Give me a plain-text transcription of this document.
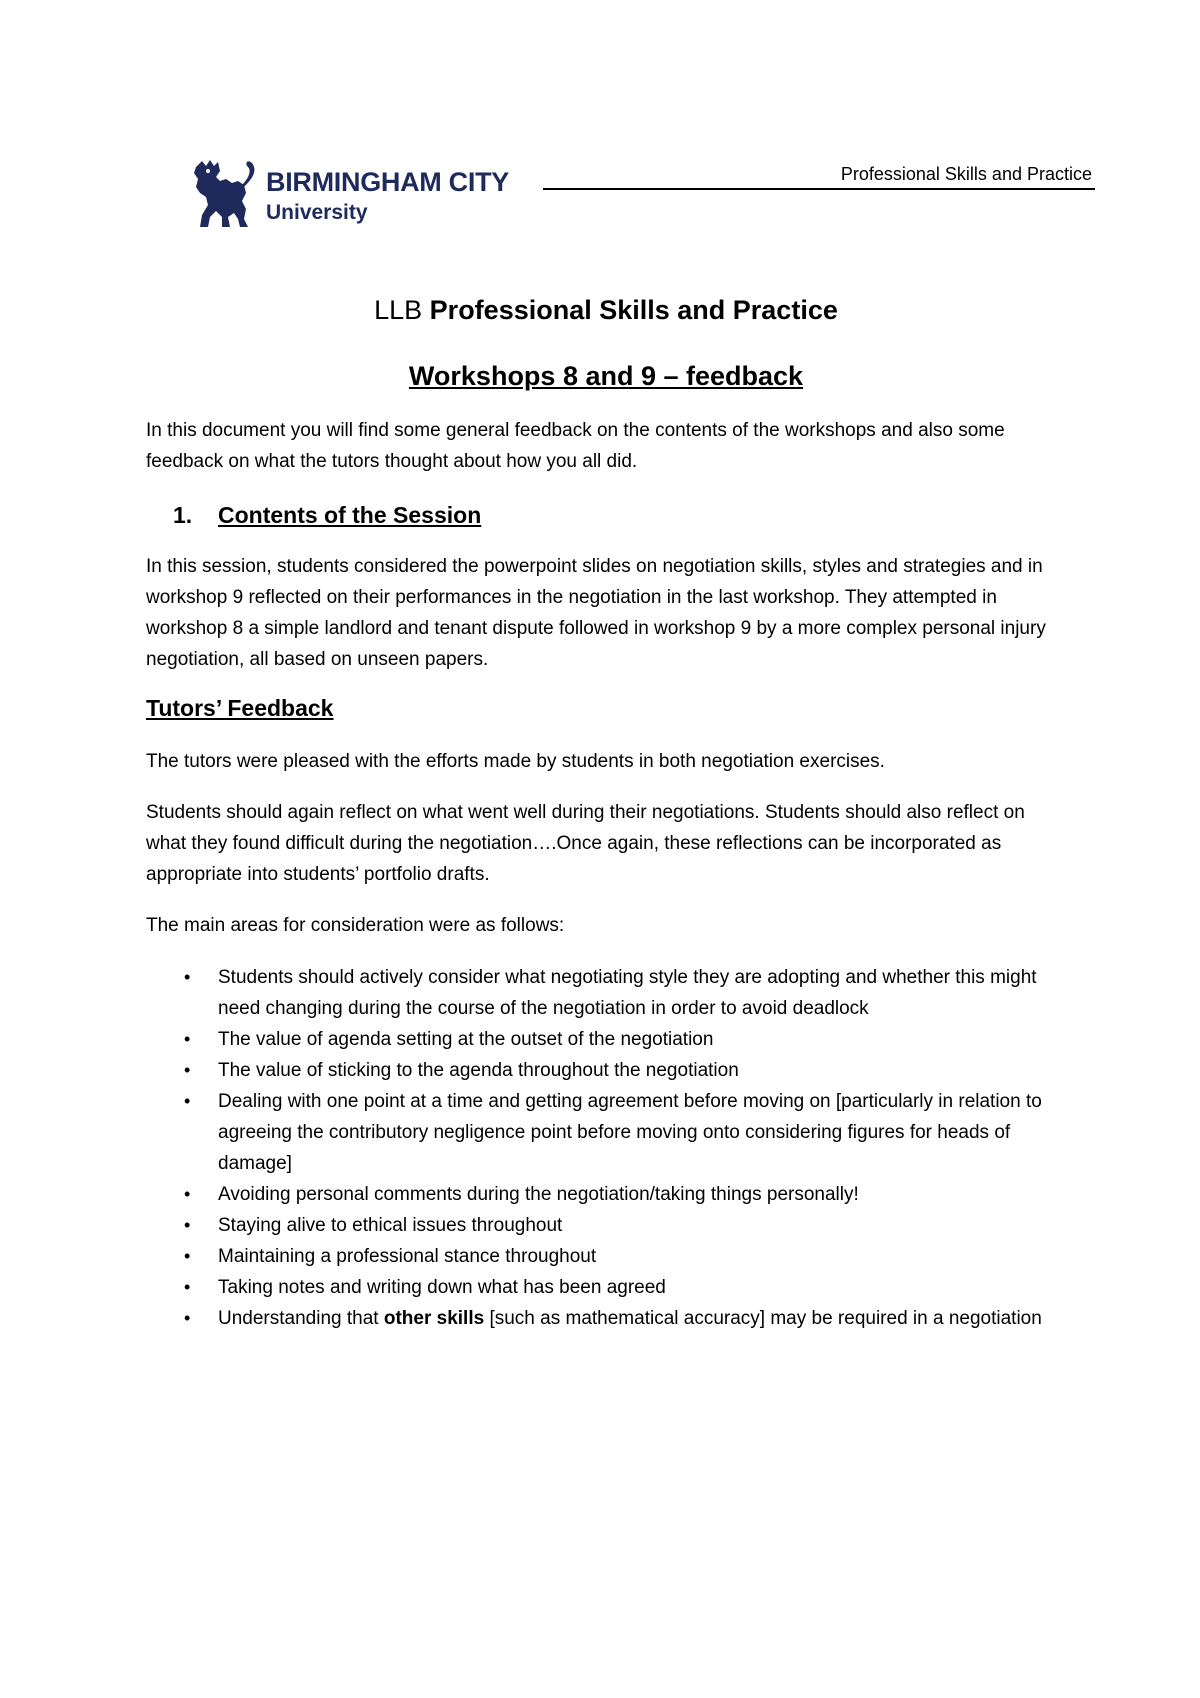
BIRMINGHAM CITY
University
Professional Skills and Practice
LLB Professional Skills and Practice
Workshops 8 and 9 – feedback

In this document you will find some general feedback on the contents of the workshops and also some feedback on what the tutors thought about how you all did.

1. Contents of the Session

In this session, students considered the powerpoint slides on negotiation skills, styles and strategies and in workshop 9 reflected on their performances in the negotiation in the last workshop. They attempted in workshop 8 a simple landlord and tenant dispute followed in workshop 9 by a more complex personal injury negotiation, all based on unseen papers.

Tutors’ Feedback

The tutors were pleased with the efforts made by students in both negotiation exercises.

Students should again reflect on what went well during their negotiations. Students should also reflect on what they found difficult during the negotiation….Once again, these reflections can be incorporated as appropriate into students’ portfolio drafts.

The main areas for consideration were as follows:

•	Students should actively consider what negotiating style they are adopting and whether this might need changing during the course of the negotiation in order to avoid deadlock
•	The value of agenda setting at the outset of the negotiation
•	The value of sticking to the agenda throughout the negotiation
•	Dealing with one point at a time and getting agreement before moving on [particularly in relation to agreeing the contributory negligence point before moving onto considering figures for heads of damage]
•	Avoiding personal comments during the negotiation/taking things personally!
•	Staying alive to ethical issues throughout
•	Maintaining a professional stance throughout
•	Taking notes and writing down what has been agreed
•	Understanding that other skills [such as mathematical accuracy] may be required in a negotiation
